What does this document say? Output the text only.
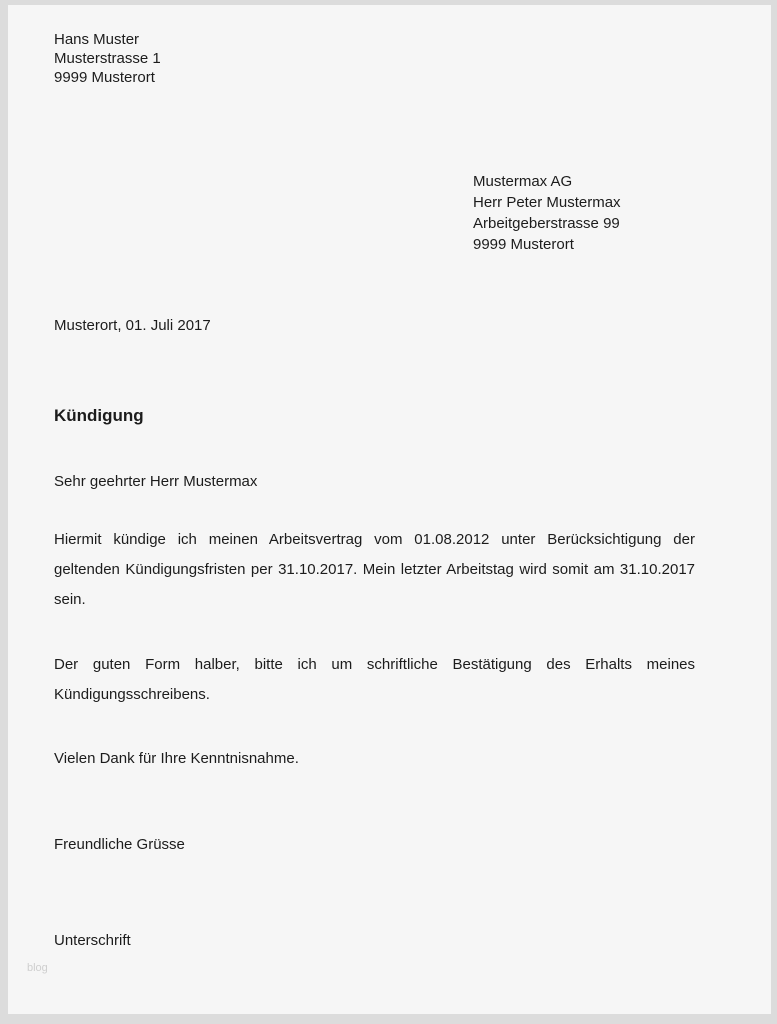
Hans Muster
Musterstrasse 1
9999 Musterort
Mustermax AG
Herr Peter Mustermax
Arbeitgeberstrasse 99
9999 Musterort
Musterort, 01. Juli 2017
Kündigung
Sehr geehrter Herr Mustermax
Hiermit kündige ich meinen Arbeitsvertrag vom 01.08.2012 unter Berücksichtigung der geltenden Kündigungsfristen per 31.10.2017. Mein letzter Arbeitstag wird somit am 31.10.2017 sein.
Der guten Form halber, bitte ich um schriftliche Bestätigung des Erhalts meines Kündigungsschreibens.
Vielen Dank für Ihre Kenntnisnahme.
Freundliche Grüsse
Unterschrift
blog
